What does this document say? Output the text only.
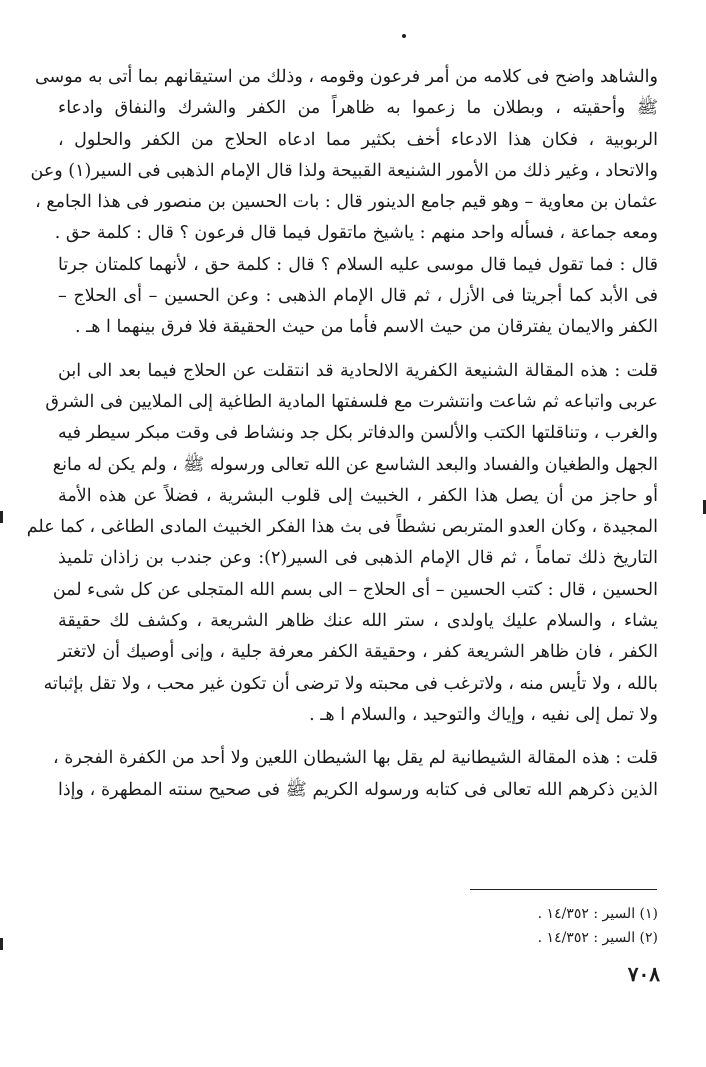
والشاهد واضح فى كلامه من أمر فرعون وقومه ، وذلك من استيقانهم بما أتى به موسى
ﷺ وأحقيته ، وبطلان ما زعموا به ظاهراً من الكفر والشرك والنفاق وادعاء
الربوبية ، فكان هذا الادعاء أخف بكثير مما ادعاه الحلاج من الكفر والحلول ،
والاتحاد ، وغير ذلك من الأمور الشنيعة القبيحة ولذا قال الإمام الذهبى فى السير(١) وعن
عثمان بن معاوية – وهو قيم جامع الدينور قال : بات الحسين بن منصور فى هذا الجامع ،
ومعه جماعة ، فسأله واحد منهم : ياشيخ ماتقول فيما قال فرعون ؟ قال : كلمة حق .
قال : فما تقول فيما قال موسى عليه السلام ؟ قال : كلمة حق ، لأنهما كلمتان جرتا
فى الأبد كما أجريتا فى الأزل ، ثم قال الإمام الذهبى : وعن الحسين – أى الحلاج –
الكفر والايمان يفترقان من حيث الاسم فأما من حيث الحقيقة فلا فرق بينهما ا هـ .
قلت : هذه المقالة الشنيعة الكفرية الالحادية قد انتقلت عن الحلاج فيما بعد الى ابن
عربى واتباعه ثم شاعت وانتشرت مع فلسفتها المادية الطاغية إلى الملايين فى الشرق
والغرب ، وتناقلتها الكتب والألسن والدفاتر بكل جد ونشاط فى وقت مبكر سيطر فيه
الجهل والطغيان والفساد والبعد الشاسع عن الله تعالى ورسوله ﷺ ، ولم يكن له مانع
أو حاجز من أن يصل هذا الكفر ، الخبيث إلى قلوب البشرية ، فضلاً عن هذه الأمة
المجيدة ، وكان العدو المتربص نشطاً فى بث هذا الفكر الخبيث المادى الطاغى ، كما علم
التاريخ ذلك تماماً ، ثم قال الإمام الذهبى فى السير(٢): وعن جندب بن زاذان تلميذ
الحسين ، قال : كتب الحسين – أى الحلاج – الى بسم الله المتجلى عن كل شىء لمن
يشاء ، والسلام عليك ياولدى ، ستر الله عنك ظاهر الشريعة ، وكشف لك حقيقة
الكفر ، فان ظاهر الشريعة كفر ، وحقيقة الكفر معرفة جلية ، وإنى أوصيك أن لاتغتر
بالله ، ولا تأيس منه ، ولاترغب فى محبته ولا ترضى أن تكون غير محب ، ولا تقل بإثباته
ولا تمل إلى نفيه ، وإياك والتوحيد ، والسلام ا هـ .
قلت : هذه المقالة الشيطانية لم يقل بها الشيطان اللعين ولا أحد من الكفرة الفجرة ،
الذين ذكرهم الله تعالى فى كتابه ورسوله الكريم ﷺ فى صحيح سنته المطهرة ، وإذا
(١) السير : ١٤/٣٥٢ .
(٢) السير : ١٤/٣٥٢ .
٧٠٨
